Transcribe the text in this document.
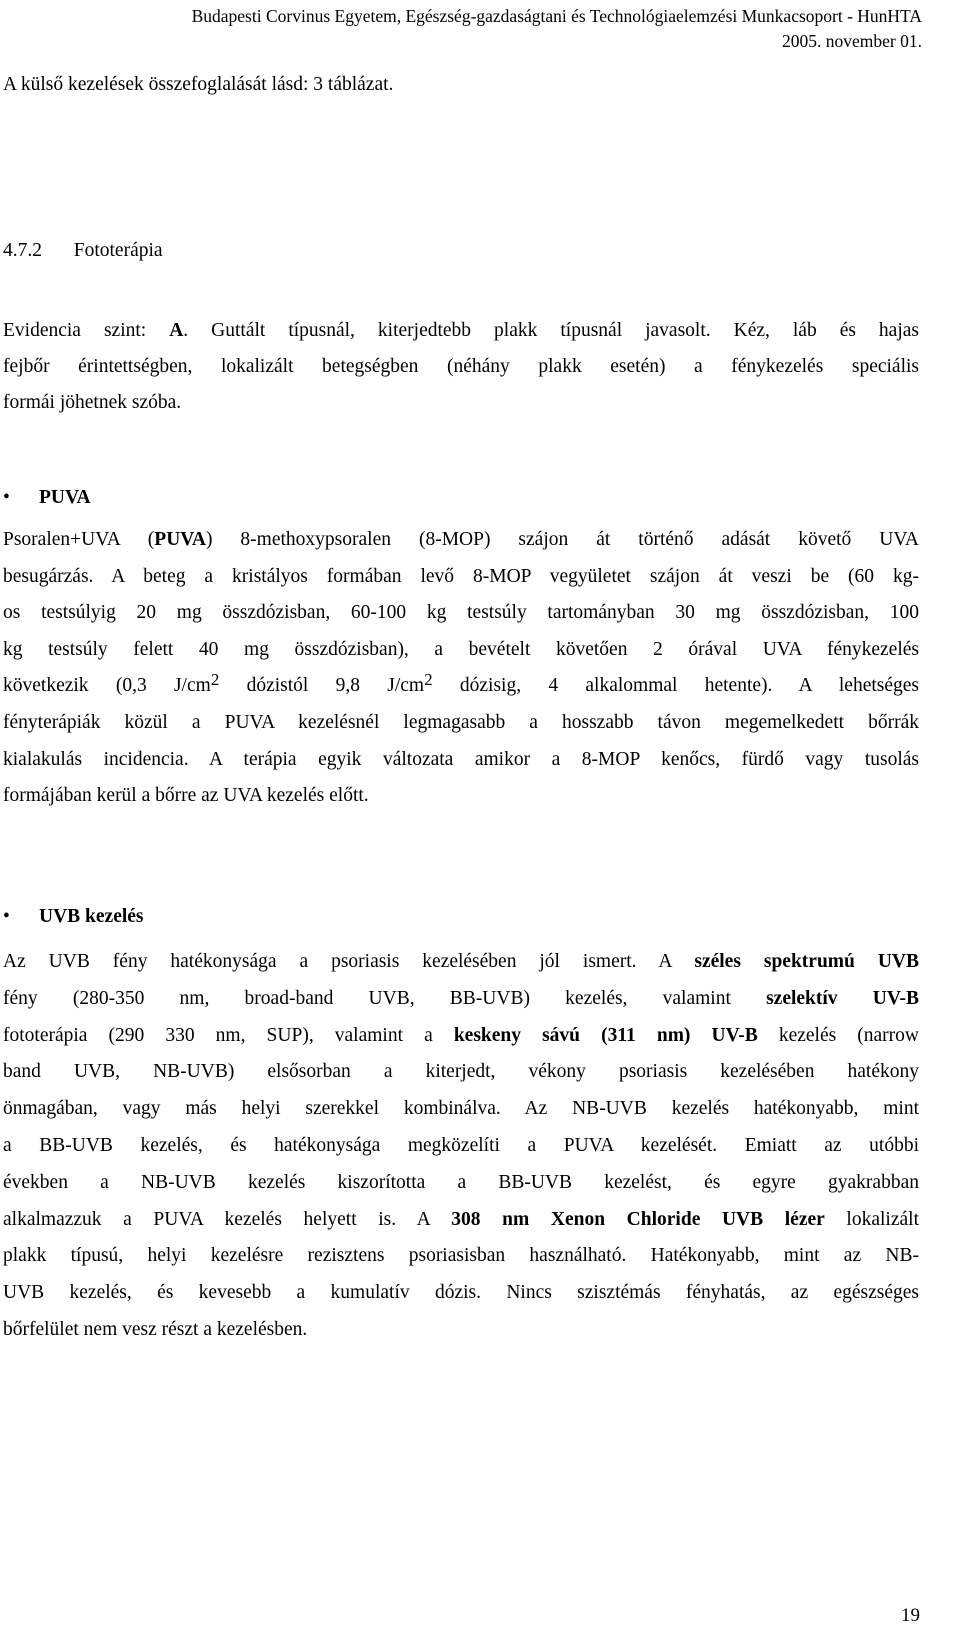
Budapesti Corvinus Egyetem, Egészség-gazdaságtani és Technológiaelemzési Munkacsoport - HunHTA
2005. november 01.
A külső kezelések összefoglalását lásd: 3 táblázat.
4.7.2 Fototerápia
Evidencia szint: A. Guttált típusnál, kiterjedtebb plakk típusnál javasolt. Kéz, láb és hajas
fejbőr érintettségben, lokalizált betegségben (néhány plakk esetén) a fénykezelés speciális
formái jöhetnek szóba.
•	PUVA
Psoralen+UVA (PUVA) 8-methoxypsoralen (8-MOP) szájon át történő adását követő UVA
besugárzás. A beteg a kristályos formában levő 8-MOP vegyületet szájon át veszi be (60 kg-
os testsúlyig 20 mg összdózisban, 60-100 kg testsúly tartományban 30 mg összdózisban, 100
kg testsúly felett 40 mg összdózisban), a bevételt követően 2 órával UVA fénykezelés
következik (0,3 $J/cm^2$ dózistól 9,8 $J/cm^2$ dózisig, 4 alkalommal hetente). A lehetséges
fényterápiák közül a PUVA kezelésnél legmagasabb a hosszabb távon megemelkedett bőrrák
kialakulás incidencia. A terápia egyik változata amikor a 8-MOP kenőcs, fürdő vagy tusolás
formájában kerül a bőrre az UVA kezelés előtt.
•	UVB kezelés
Az UVB fény hatékonysága a psoriasis kezelésében jól ismert. A széles spektrumú UVB
fény (280-350 nm, broad-band UVB, BB-UVB) kezelés, valamint szelektív UV-B
fototerápia (290 330 nm, SUP), valamint a keskeny sávú (311 nm) UV-B kezelés (narrow
band UVB, NB-UVB) elsősorban a kiterjedt, vékony psoriasis kezelésében hatékony
önmagában, vagy más helyi szerekkel kombinálva. Az NB-UVB kezelés hatékonyabb, mint
a BB-UVB kezelés, és hatékonysága megközelíti a PUVA kezelését. Emiatt az utóbbi
években a NB-UVB kezelés kiszorította a BB-UVB kezelést, és egyre gyakrabban
alkalmazzuk a PUVA kezelés helyett is. A 308 nm Xenon Chloride UVB lézer lokalizált
plakk típusú, helyi kezelésre rezisztens psoriasisban használható. Hatékonyabb, mint az NB-
UVB kezelés, és kevesebb a kumulatív dózis. Nincs szisztémás fényhatás, az egészséges
bőrfelület nem vesz részt a kezelésben.
19
